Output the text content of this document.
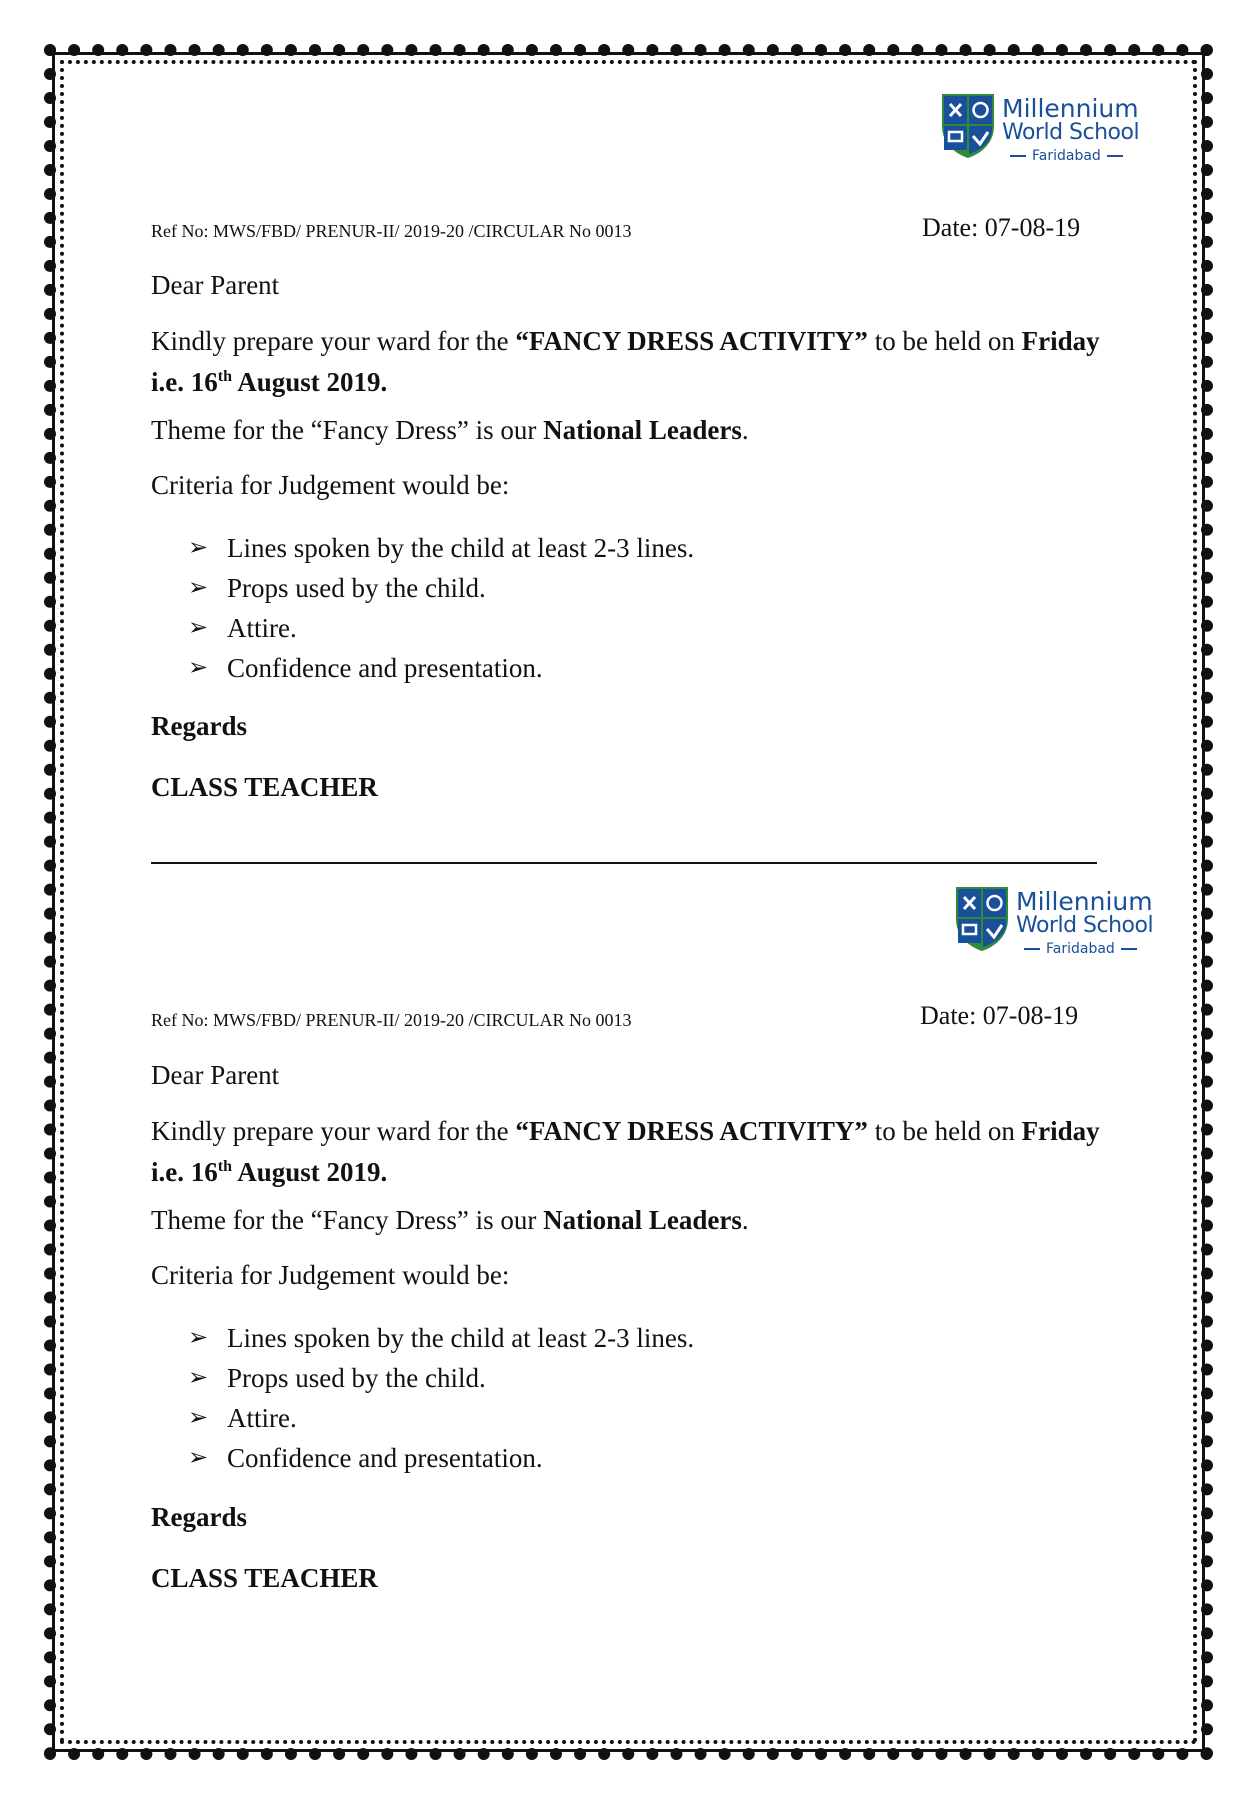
Millennium
World School
Faridabad
Ref No: MWS/FBD/ PRENUR-II/ 2019-20 /CIRCULAR No 0013	Date: 07-08-19
Dear Parent
Kindly prepare your ward for the “FANCY DRESS ACTIVITY” to be held on Friday i.e. 16th August 2019.
Theme for the “Fancy Dress” is our National Leaders.
Criteria for Judgement would be:
➢ Lines spoken by the child at least 2-3 lines.
➢ Props used by the child.
➢ Attire.
➢ Confidence and presentation.
Regards
CLASS TEACHER
Millennium
World School
Faridabad
Ref No: MWS/FBD/ PRENUR-II/ 2019-20 /CIRCULAR No 0013	Date: 07-08-19
Dear Parent
Kindly prepare your ward for the “FANCY DRESS ACTIVITY” to be held on Friday i.e. 16th August 2019.
Theme for the “Fancy Dress” is our National Leaders.
Criteria for Judgement would be:
➢ Lines spoken by the child at least 2-3 lines.
➢ Props used by the child.
➢ Attire.
➢ Confidence and presentation.
Regards
CLASS TEACHER
